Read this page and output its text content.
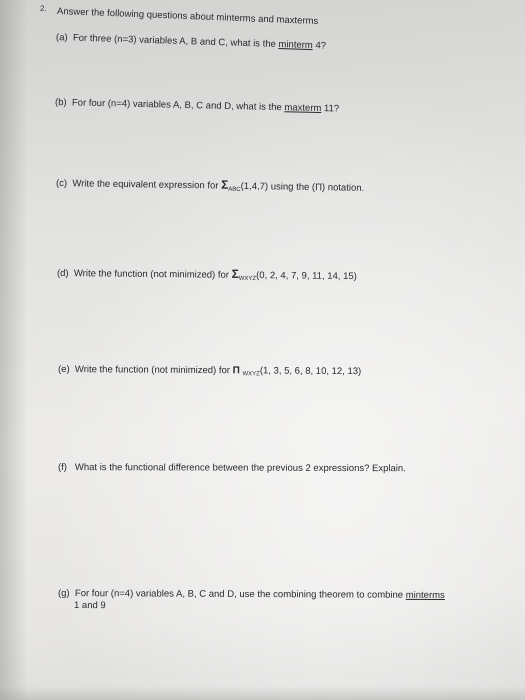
2. Answer the following questions about minterms and maxterms
(a) For three (n=3) variables A, B and C, what is the minterm 4?
(b) For four (n=4) variables A, B, C and D, what is the maxterm 11?
(c) Write the equivalent expression for $\Sigma_{ABC}(1,4,7)$ using the (Π) notation.
(d) Write the function (not minimized) for $\Sigma_{WXYZ}(0$, 2, 4, 7, 9, 11, 14, 15)
(e) Write the function (not minimized) for Π $_{WXYZ}$(1, 3, 5, 6, 8, 10, 12, 13)
(f) What is the functional difference between the previous 2 expressions? Explain.
(g) For four (n=4) variables A, B, C and D, use the combining theorem to combine minterms
1 and 9
